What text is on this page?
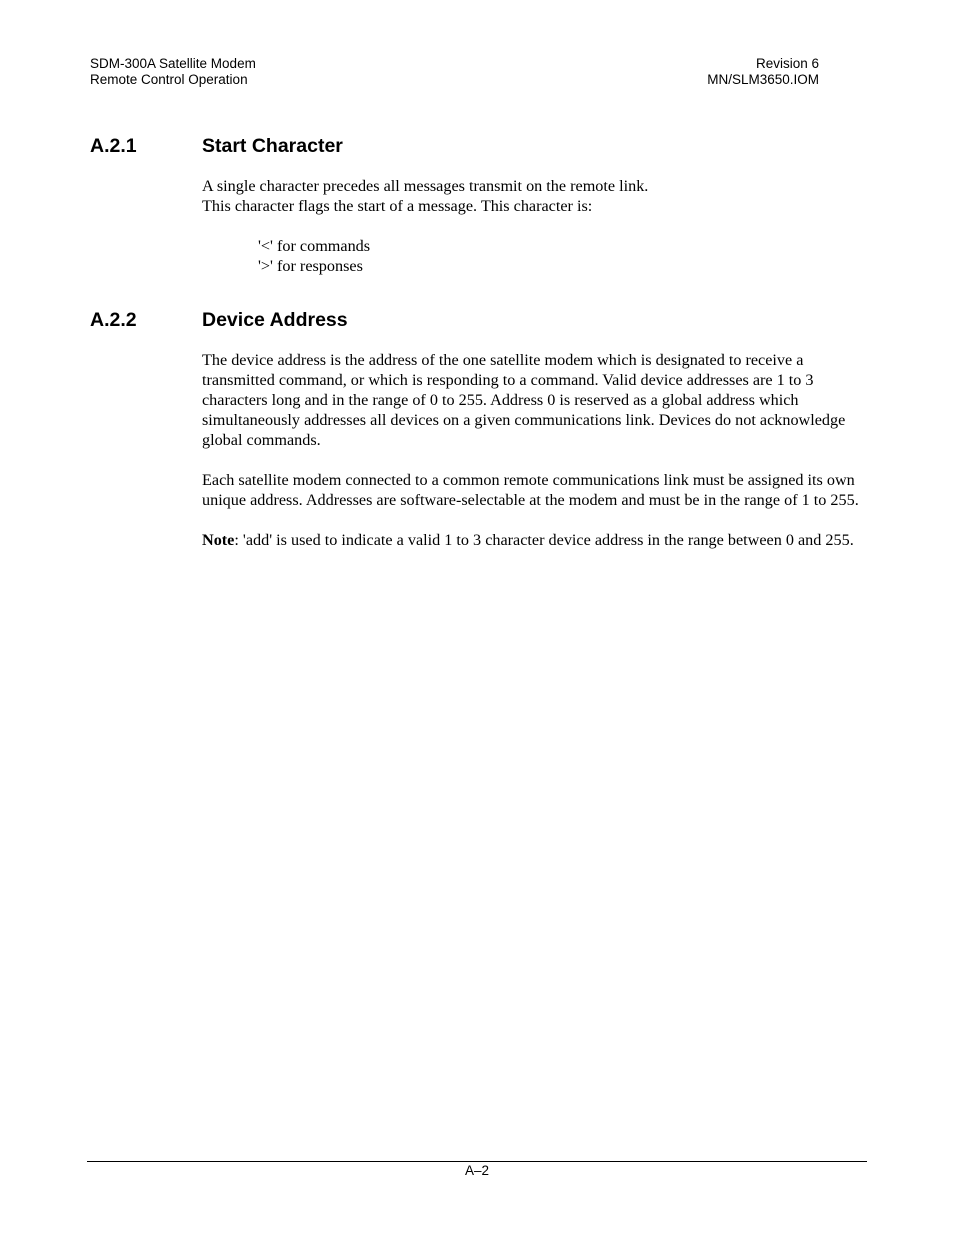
SDM-300A Satellite Modem
Remote Control Operation
Revision 6
MN/SLM3650.IOM
A.2.1	Start Character

A single character precedes all messages transmit on the remote link.

This character flags the start of a message. This character is:

'<' for commands

'>' for responses

A.2.2	Device Address

The device address is the address of the one satellite modem which is designated to receive a transmitted command, or which is responding to a command. Valid device addresses are 1 to 3 characters long and in the range of 0 to 255. Address 0 is reserved as a global address which simultaneously addresses all devices on a given communications link. Devices do not acknowledge global commands.

Each satellite modem connected to a common remote communications link must be assigned its own unique address. Addresses are software-selectable at the modem and must be in the range of 1 to 255.

Note: 'add' is used to indicate a valid 1 to 3 character device address in the range between 0 and 255.

A–2
